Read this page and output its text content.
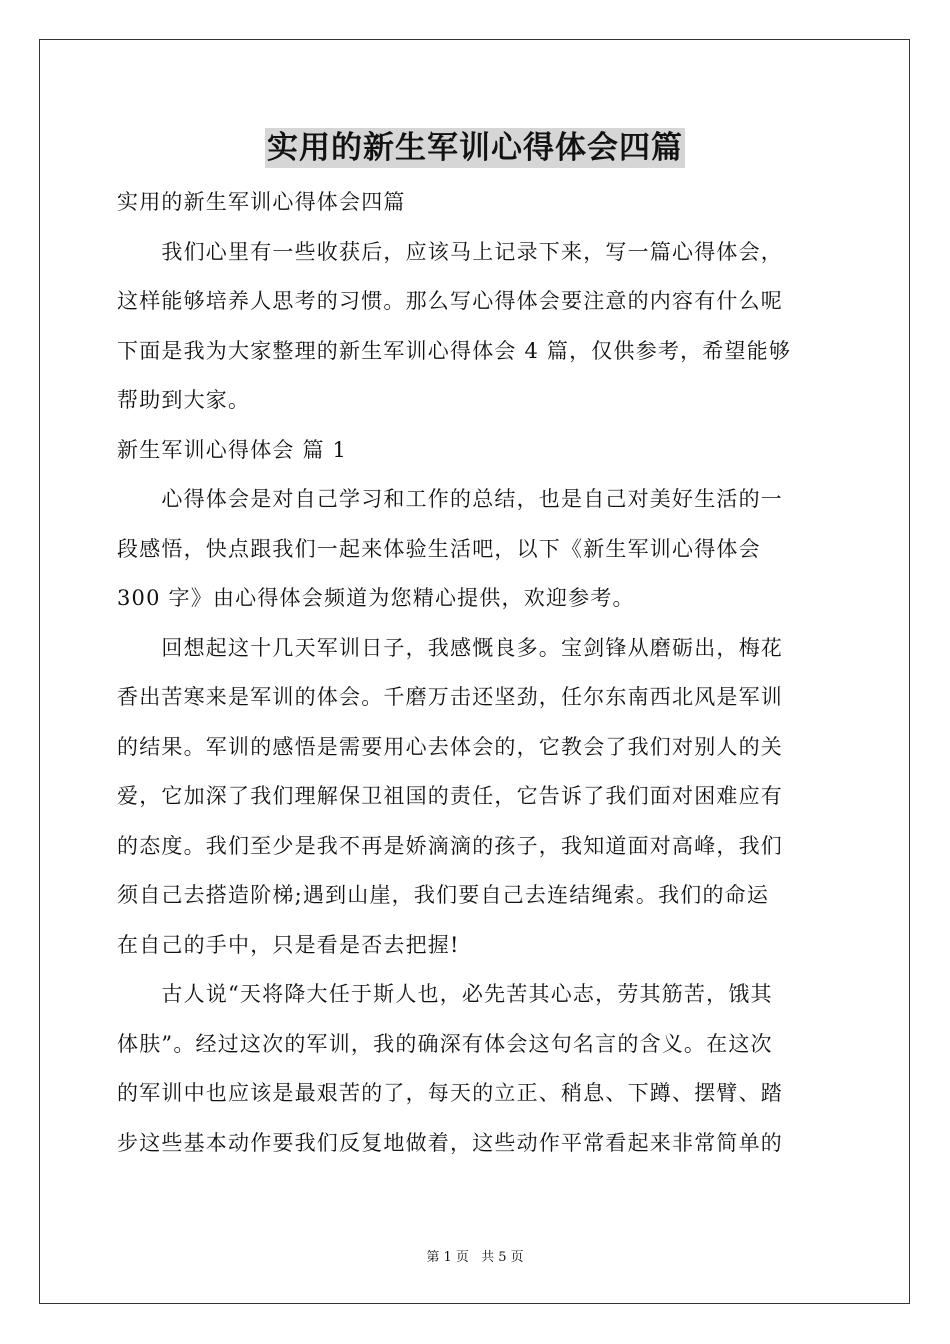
实用的新生军训心得体会四篇

实用的新生军训心得体会四篇
　　我们心里有一些收获后，应该马上记录下来，写一篇心得体会，
这样能够培养人思考的习惯。那么写心得体会要注意的内容有什么呢
下面是我为大家整理的新生军训心得体会 4 篇，仅供参考，希望能够
帮助到大家。
新生军训心得体会 篇 1
　　心得体会是对自己学习和工作的总结，也是自己对美好生活的一
段感悟，快点跟我们一起来体验生活吧，以下《新生军训心得体会
300 字》由心得体会频道为您精心提供，欢迎参考。
　　回想起这十几天军训日子，我感慨良多。宝剑锋从磨砺出，梅花
香出苦寒来是军训的体会。千磨万击还坚劲，任尔东南西北风是军训
的结果。军训的感悟是需要用心去体会的，它教会了我们对别人的关
爱，它加深了我们理解保卫祖国的责任，它告诉了我们面对困难应有
的态度。我们至少是我不再是娇滴滴的孩子，我知道面对高峰，我们
须自己去搭造阶梯;遇到山崖，我们要自己去连结绳索。我们的命运
在自己的手中，只是看是否去把握!
　　古人说“天将降大任于斯人也，必先苦其心志，劳其筋苦，饿其
体肤”。经过这次的军训，我的确深有体会这句名言的含义。在这次
的军训中也应该是最艰苦的了，每天的立正、稍息、下蹲、摆臂、踏
步这些基本动作要我们反复地做着，这些动作平常看起来非常简单的

第 1 页 共 5 页
